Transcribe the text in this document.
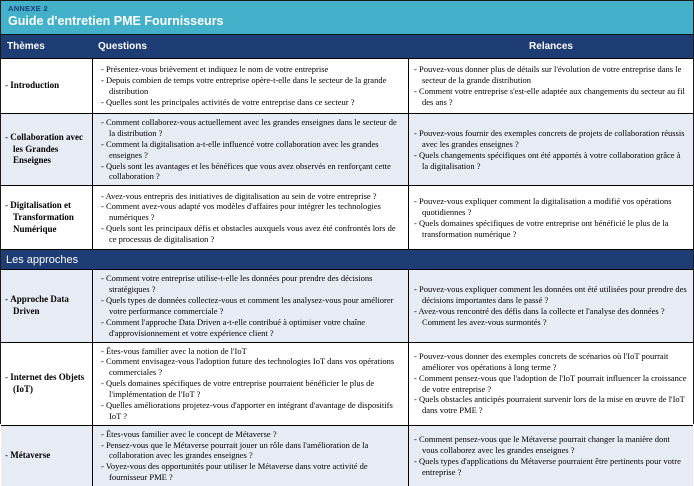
ANNEXE 2
Guide d'entretien PME Fournisseurs
Thèmes	Questions	Relances
- Introduction
- Présentez-vous brièvement et indiquez le nom de votre entreprise
- Depuis combien de temps votre entreprise opère-t-elle dans le secteur de la grande distribution
- Quelles sont les principales activités de votre entreprise dans ce secteur ?
- Pouvez-vous donner plus de détails sur l'évolution de votre entreprise dans le secteur de la grande distribution
- Comment votre entreprise s'est-elle adaptée aux changements du secteur au fil des ans ?
- Collaboration avec les Grandes Enseignes
- Comment collaborez-vous actuellement avec les grandes enseignes dans le secteur de la distribution ?
- Comment la digitalisation a-t-elle influencé votre collaboration avec les grandes enseignes ?
- Quels sont les avantages et les bénéfices que vous avez observés en renforçant cette collaboration ?
- Pouvez-vous fournir des exemples concrets de projets de collaboration réussis avec les grandes enseignes ?
- Quels changements spécifiques ont été apportés à votre collaboration grâce à la digitalisation ?
- Digitalisation et Transformation Numérique
- Avez-vous entrepris des initiatives de digitalisation au sein de votre entreprise ?
- Comment avez-vous adapté vos modèles d'affaires pour intégrer les technologies numériques ?
- Quels sont les principaux défis et obstacles auxquels vous avez été confrontés lors de ce processus de digitalisation ?
- Pouvez-vous expliquer comment la digitalisation a modifié vos opérations quotidiennes ?
- Quels domaines spécifiques de votre entreprise ont bénéficié le plus de la transformation numérique ?
Les approches
- Approche Data Driven
- Comment votre entreprise utilise-t-elle les données pour prendre des décisions stratégiques ?
- Quels types de données collectez-vous et comment les analysez-vous pour améliorer votre performance commerciale ?
- Comment l'approche Data Driven a-t-elle contribué à optimiser votre chaîne d'approvisionnement et votre expérience client ?
- Pouvez-vous expliquer comment les données ont été utilisées pour prendre des décisions importantes dans le passé ?
- Avez-vous rencontré des défis dans la collecte et l'analyse des données ? Comment les avez-vous surmontés ?
- Internet des Objets (IoT)
- Êtes-vous familier avec la notion de l'IoT
- Comment envisagez-vous l'adoption future des technologies IoT dans vos opérations commerciales ?
- Quels domaines spécifiques de votre entreprise pourraient bénéficier le plus de l'implémentation de l'IoT ?
- Quelles améliorations projetez-vous d'apporter en intégrant d'avantage de dispositifs IoT ?
- Pouvez-vous donner des exemples concrets de scénarios où l'IoT pourrait améliorer vos opérations à long terme ?
- Comment pensez-vous que l'adoption de l'IoT pourrait influencer la croissance de votre entreprise ?
- Quels obstacles anticipés pourraient survenir lors de la mise en œuvre de l'IoT dans votre PME ?
- Métaverse
- Êtes-vous familier avec le concept de Métaverse ?
- Pensez-vous que le Métaverse pourrait jouer un rôle dans l'amélioration de la collaboration avec les grandes enseignes ?
- Voyez-vous des opportunités pour utiliser le Métaverse dans votre activité de fournisseur PME ?
- Comment pensez-vous que le Métaverse pourrait changer la manière dont vous collaborez avec les grandes enseignes ?
- Quels types d'applications du Métaverse pourraient être pertinents pour votre entreprise ?
